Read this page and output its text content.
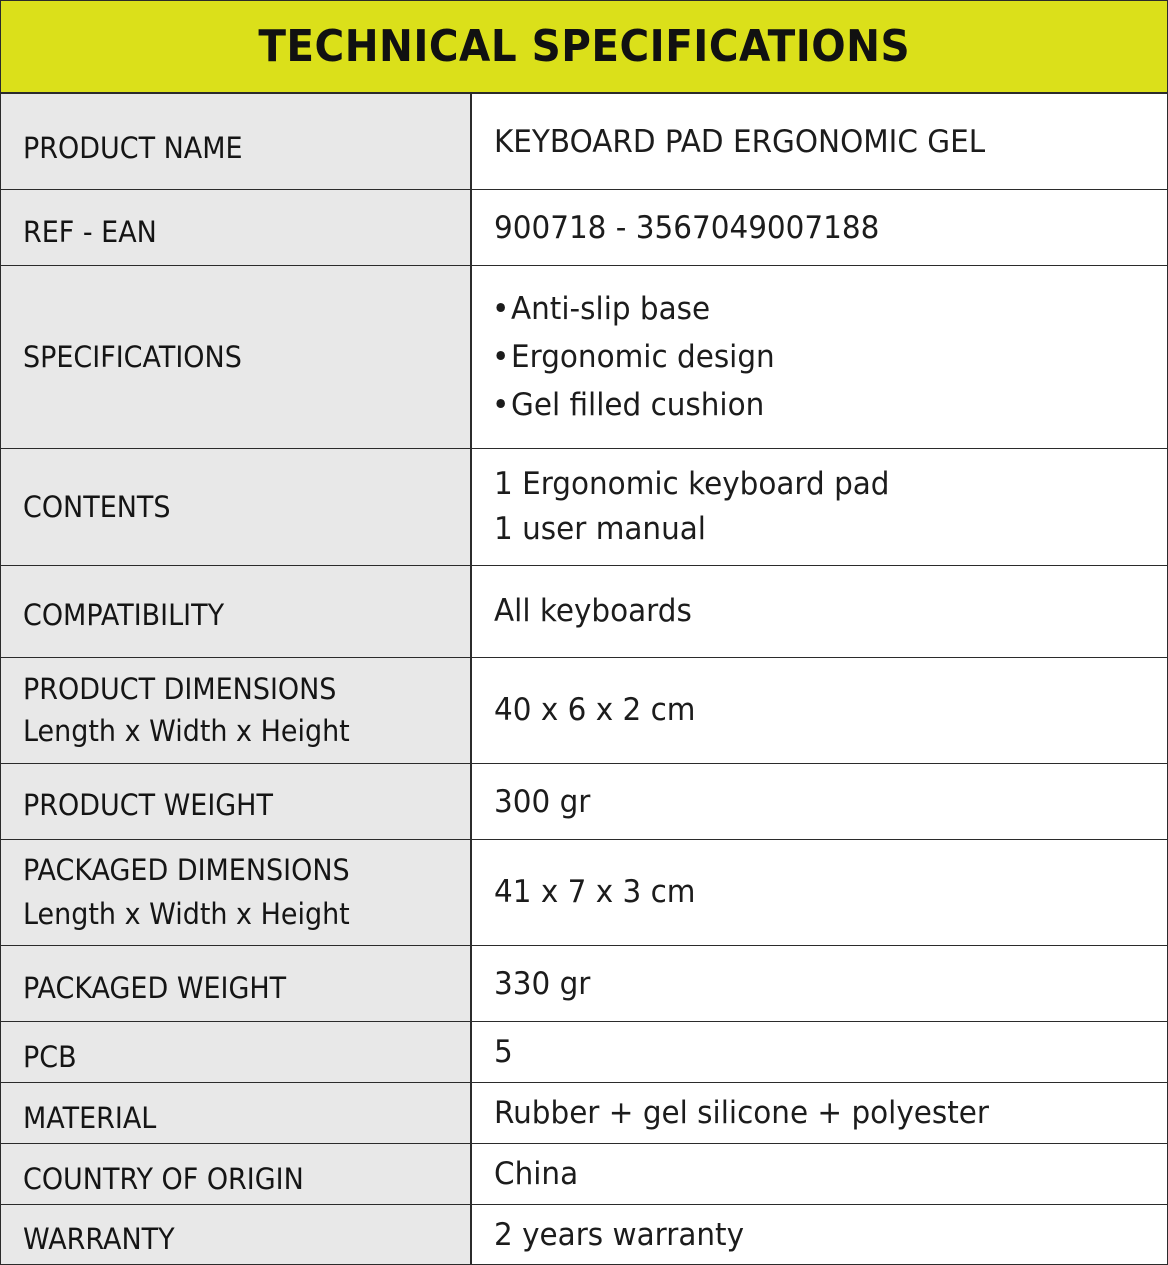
TECHNICAL SPECIFICATIONS
PRODUCT NAME	KEYBOARD PAD ERGONOMIC GEL

REF - EAN	900718 - 3567049007188

SPECIFICATIONS	•Anti-slip base
•Ergonomic design
•Gel filled cushion

CONTENTS	1 Ergonomic keyboard pad
1 user manual

COMPATIBILITY	All keyboards

PRODUCT DIMENSIONS
Length x Width x Height	40 x 6 x 2 cm

PRODUCT WEIGHT	300 gr

PACKAGED DIMENSIONS
Length x Width x Height	41 x 7 x 3 cm

PACKAGED WEIGHT	330 gr

PCB	5

MATERIAL	Rubber + gel silicone + polyester

COUNTRY OF ORIGIN	China

WARRANTY	2 years warranty
